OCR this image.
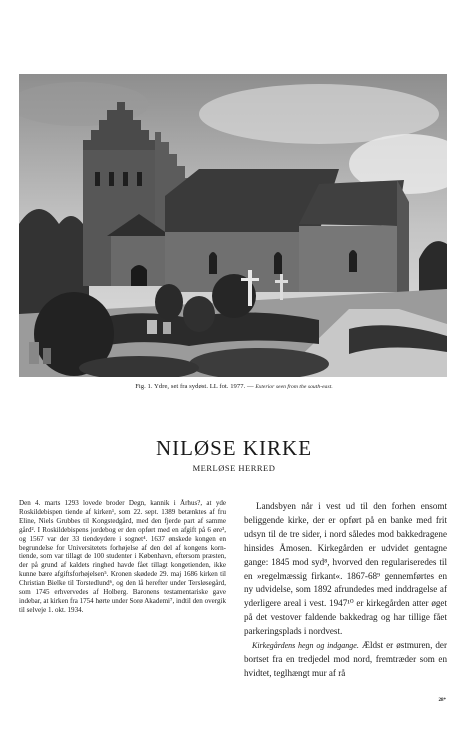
Fig. 1. Ydre, set fra sydøst. LL fot. 1977. — Exterior seen from the south-east.
NILØSE KIRKE
MERLØSE HERRED

Den 4. marts 1293 lovede broder Degn, kannik i Århus?, at yde Roskildebispen tiende af kirken¹, som 22. sept. 1389 betænktes af fru Eline, Niels Grubbes til Kongstedgård, med den fjerde part af samme gård². I Roskildebispens jordebog er den opført med en afgift på 6 øre³, og 1567 var der 33 tiendeydere i sognet⁴. 1637 ønskede kongen en begrundelse for Universitetets forhøjelse af den del af kongens korn-tiende, som var tillagt de 100 studenter i København, eftersom præsten, der på grund af kaldets ringhed havde fået tillagt kongetienden, ikke kunne bære afgiftsforhøjelsen⁵. Kronen skødede 29. maj 1686 kirken til Christian Bielke til Torstedlund⁶, og den lå herefter under Tersløsegård, som 1745 erhvervedes af Holberg. Baronens testamentariske gave indebar, at kirken fra 1754 hørte under Sorø Akademi⁷, indtil den overgik til selveje 1. okt. 1934.

Landsbyen når i vest ud til den forhen ensomt beliggende kirke, der er opført på en banke med frit udsyn til de tre sider, i nord således mod bakkedragene hinsides Åmosen. Kirkegården er udvidet gentagne gange: 1845 mod syd⁸, hvorved den regulariseredes til en »regelmæssig firkant«. 1867-68⁹ gennemførtes en ny udvidelse, som 1892 afrundedes med inddragelse af yderligere areal i vest. 1947¹⁰ er kirkegården atter øget på det vestover faldende bakkedrag og har tillige fået parkeringsplads i nordvest.

Kirkegårdens hegn og indgange. Ældst er østmuren, der bortset fra en tredjedel mod nord, fremtræder som en hvidtet, teglhængt mur af rå

28*
